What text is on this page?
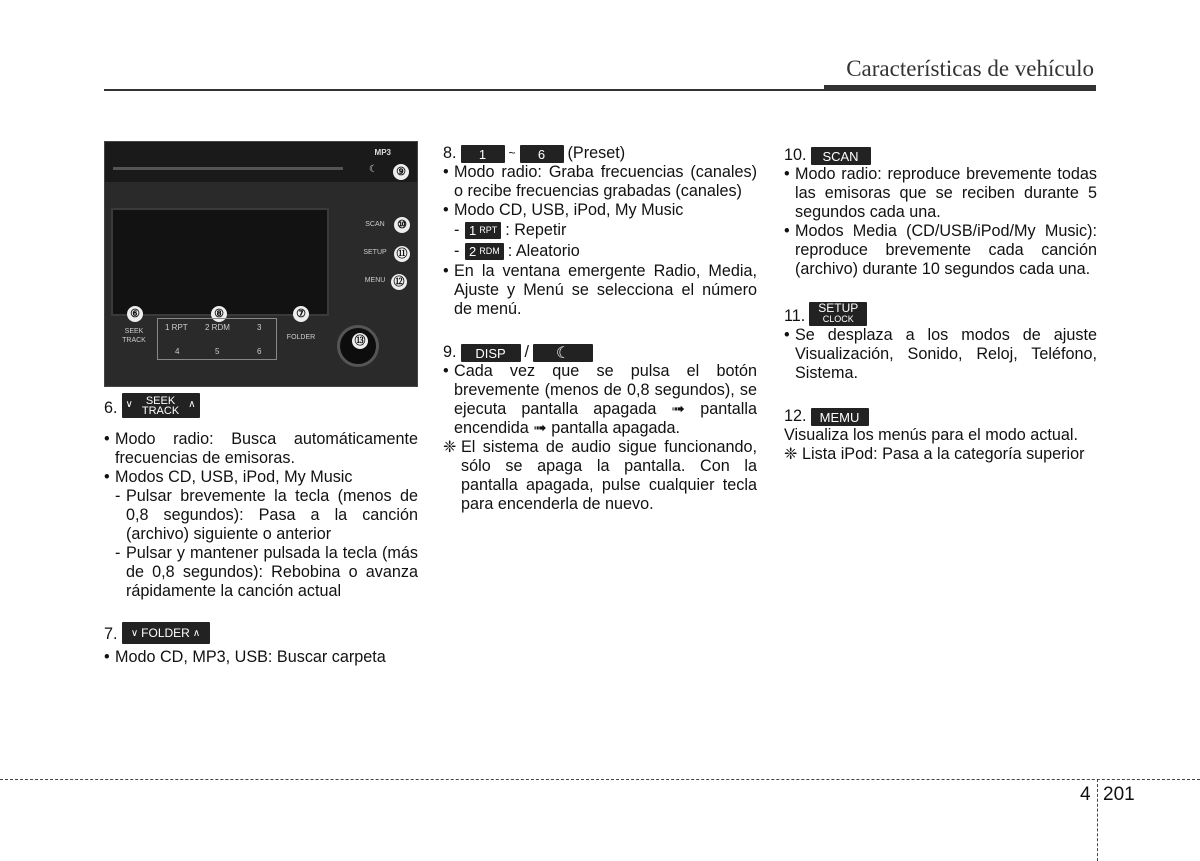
Características de vehículo
MP3
☾ ⑨
SCAN	⑩
SETUP ⑪
MENU ⑫
⑥	⑧	⑦
SEEK
TRACK
1 RPT 2 RDM	3
4	5	6
FOLDER	⑬
6.	SEEK
TRACK
∨	∧
• Modo radio: Busca automáticamente frecuencias de emisoras.
• Modos CD, USB, iPod, My Music
- Pulsar brevemente la tecla (menos de 0,8 segundos): Pasa a la canción (archivo) siguiente o anterior
- Pulsar y mantener pulsada la tecla (más de 0,8 segundos): Rebobina o avanza rápidamente la canción actual
7. ∨ FOLDER ∧
• Modo CD, MP3, USB: Buscar carpeta
8.	1	~	6	(Preset)
• Modo radio: Graba frecuencias (canales) o recibe frecuencias grabadas (canales)
• Modo CD, USB, iPod, My Music
- 1 RPT : Repetir
- 2 RDM : Aleatorio
• En la ventana emergente Radio, Media, Ajuste y Menú se selecciona el número de menú.
9.	DISP	/ ☾
• Cada vez que se pulsa el botón brevemente (menos de 0,8 segundos), se ejecuta pantalla apagada ➟ pantalla encendida ➟ pantalla apagada.
❈ El sistema de audio sigue funcionando, sólo se apaga la pantalla. Con la pantalla apagada, pulse cualquier tecla para encenderla de nuevo.
10.	SCAN
• Modo radio: reproduce brevemente todas las emisoras que se reciben durante 5 segundos cada una.
• Modos Media (CD/USB/iPod/My Music): reproduce brevemente cada canción (archivo) durante 10 segundos cada una.
11. SETUP
CLOCK
• Se desplaza a los modos de ajuste Visualización, Sonido, Reloj, Teléfono, Sistema.
12.	MEMU
Visualiza los menús para el modo actual.
❈ Lista iPod: Pasa a la categoría superior
4 201
